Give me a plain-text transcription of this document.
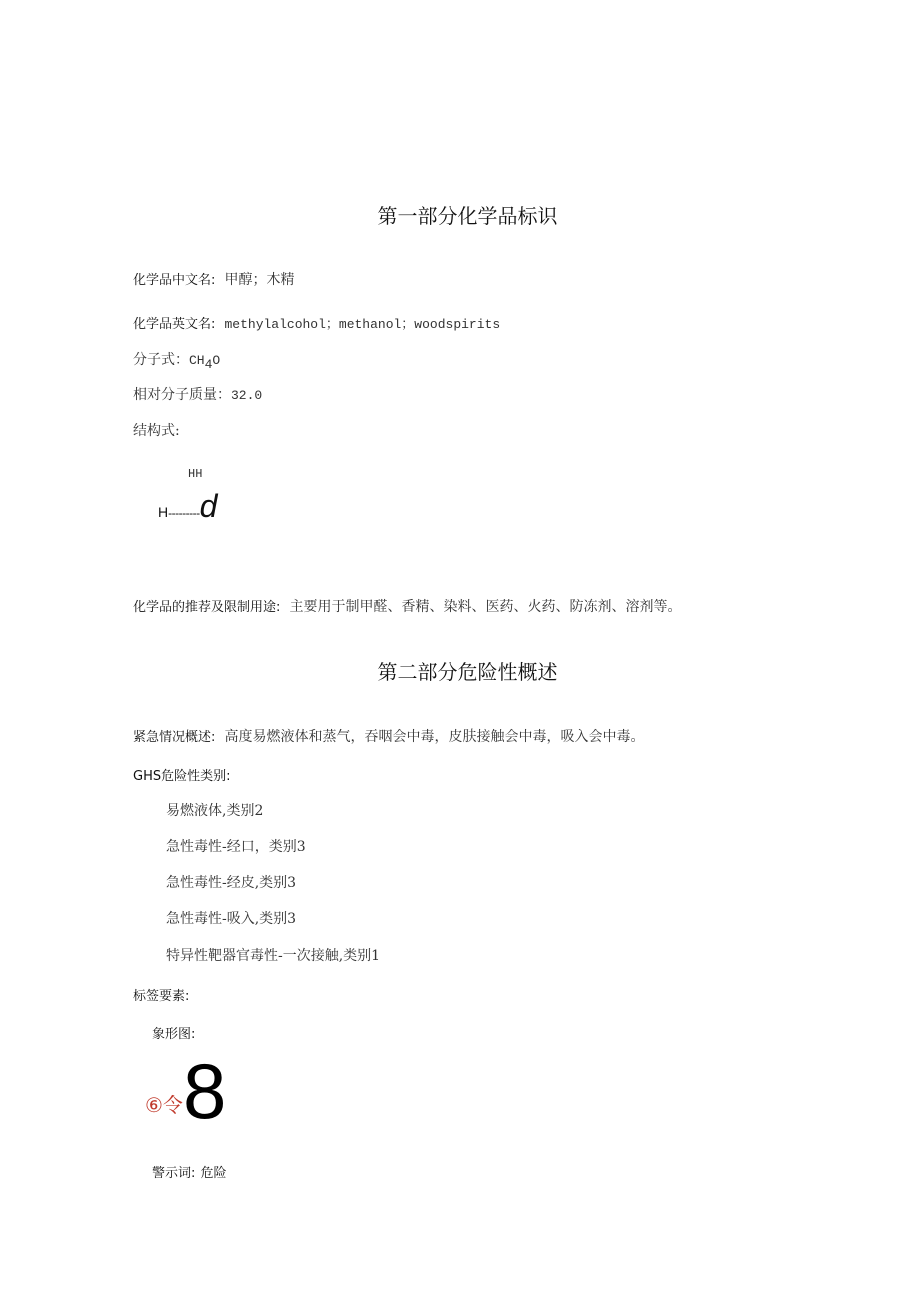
第一部分化学品标识
化学品中文名: 甲醇；木精
化学品英文名: methylalcohol；methanol；woodspirits
分子式：$CH_4O$
相对分子质量：32.0
结构式:
HH
H---------d
化学品的推荐及限制用途: 主要用于制甲醛、香精、染料、医药、火药、防冻剂、溶剂等。
第二部分危险性概述
紧急情况概述: 高度易燃液体和蒸气，吞咽会中毒，皮肤接触会中毒，吸入会中毒。
GHS危险性类别:
易燃液体,类别2
急性毒性-经口，类别3
急性毒性-经皮,类别3
急性毒性-吸入,类别3
特异性靶器官毒性-一次接触,类别1
标签要素:
象形图:
⑥令8
警示词: 危险
